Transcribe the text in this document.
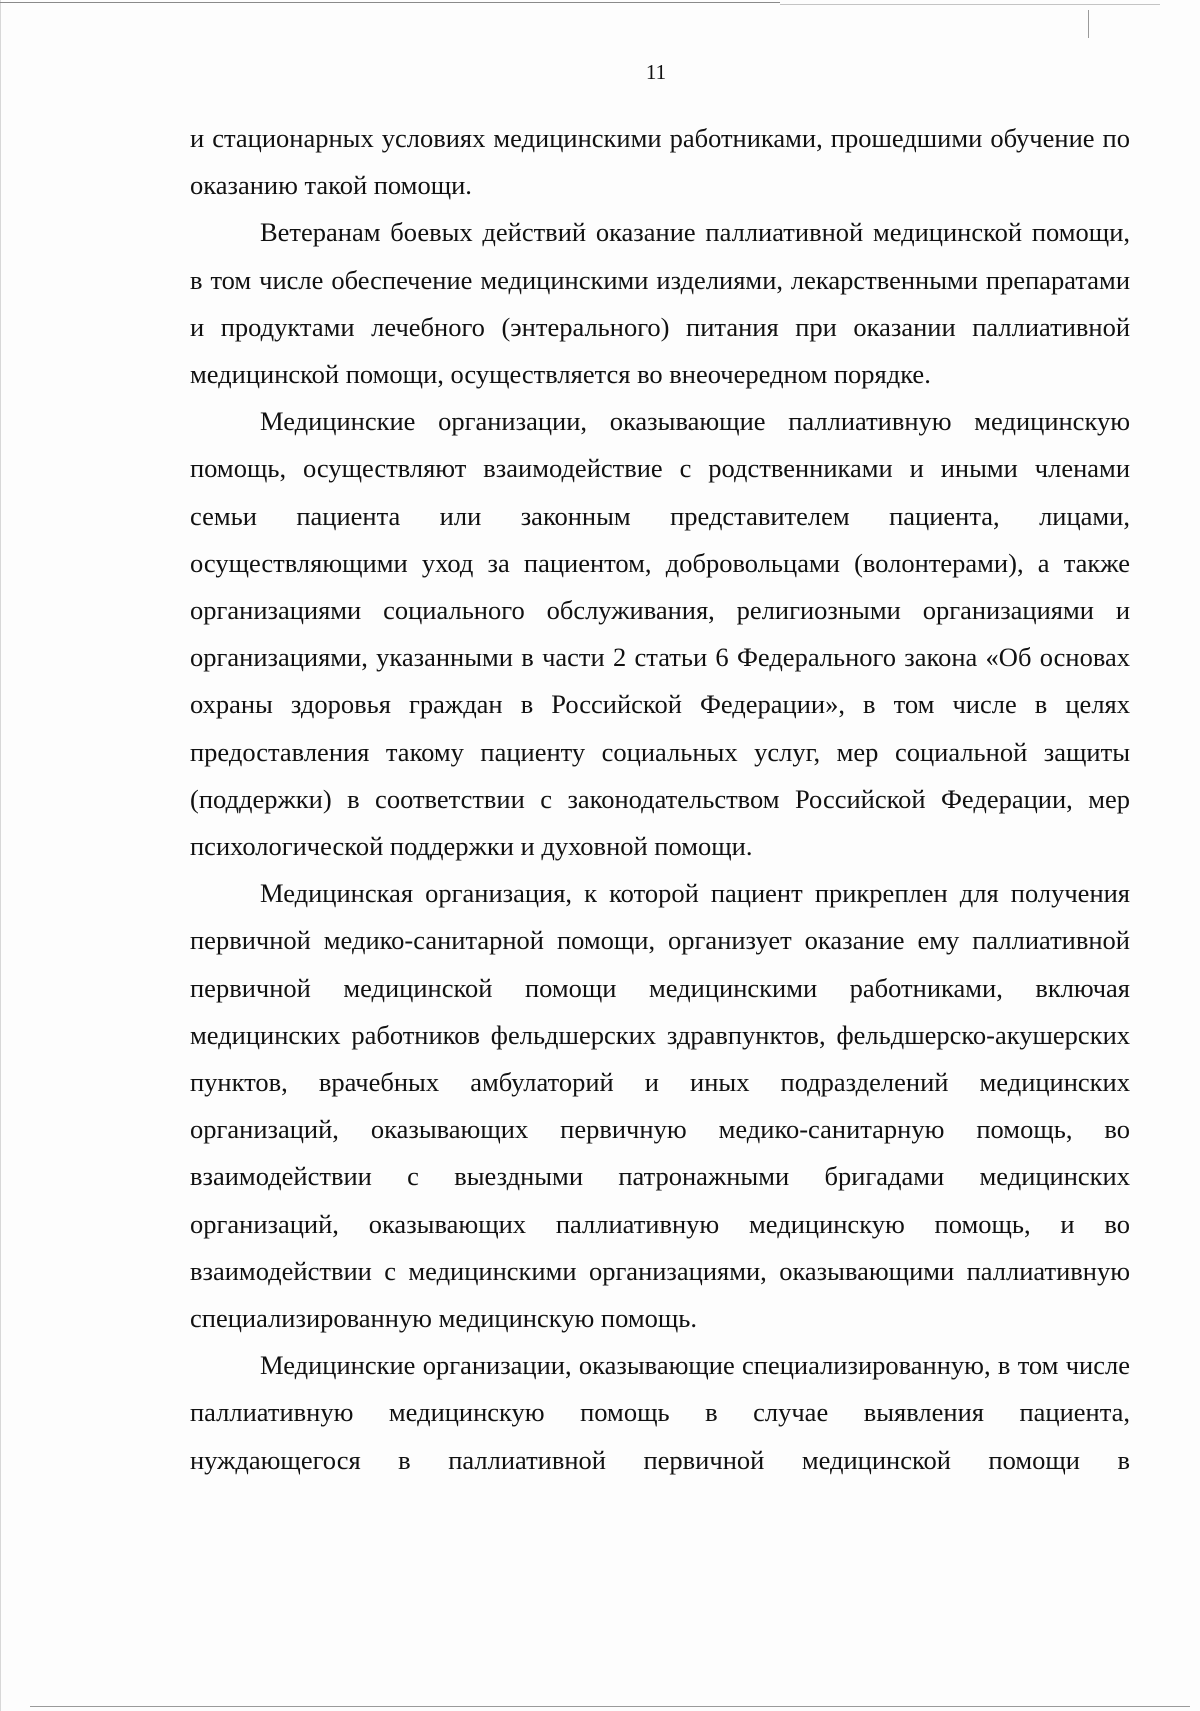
11

и стационарных условиях медицинскими работниками, прошедшими обучение по оказанию такой помощи.

Ветеранам боевых действий оказание паллиативной медицинской помощи, в том числе обеспечение медицинскими изделиями, лекарственными препаратами и продуктами лечебного (энтерального) питания при оказании паллиативной медицинской помощи, осуществляется во внеочередном порядке.

Медицинские организации, оказывающие паллиативную медицинскую помощь, осуществляют взаимодействие с родственниками и иными членами семьи пациента или законным представителем пациента, лицами, осуществляющими уход за пациентом, добровольцами (волонтерами), а также организациями социального обслуживания, религиозными организациями и организациями, указанными в части 2 статьи 6 Федерального закона «Об основах охраны здоровья граждан в Российской Федерации», в том числе в целях предоставления такому пациенту социальных услуг, мер социальной защиты (поддержки) в соответствии с законодательством Российской Федерации, мер психологической поддержки и духовной помощи.

Медицинская организация, к которой пациент прикреплен для получения первичной медико-санитарной помощи, организует оказание ему паллиативной первичной медицинской помощи медицинскими работниками, включая медицинских работников фельдшерских здравпунктов, фельдшерско-акушерских пунктов, врачебных амбулаторий и иных подразделений медицинских организаций, оказывающих первичную медико-санитарную помощь, во взаимодействии с выездными патронажными бригадами медицинских организаций, оказывающих паллиативную медицинскую помощь, и во взаимодействии с медицинскими организациями, оказывающими паллиативную специализированную медицинскую помощь.

Медицинские организации, оказывающие специализированную, в том числе паллиативную медицинскую помощь в случае выявления пациента, нуждающегося в паллиативной первичной медицинской помощи в
